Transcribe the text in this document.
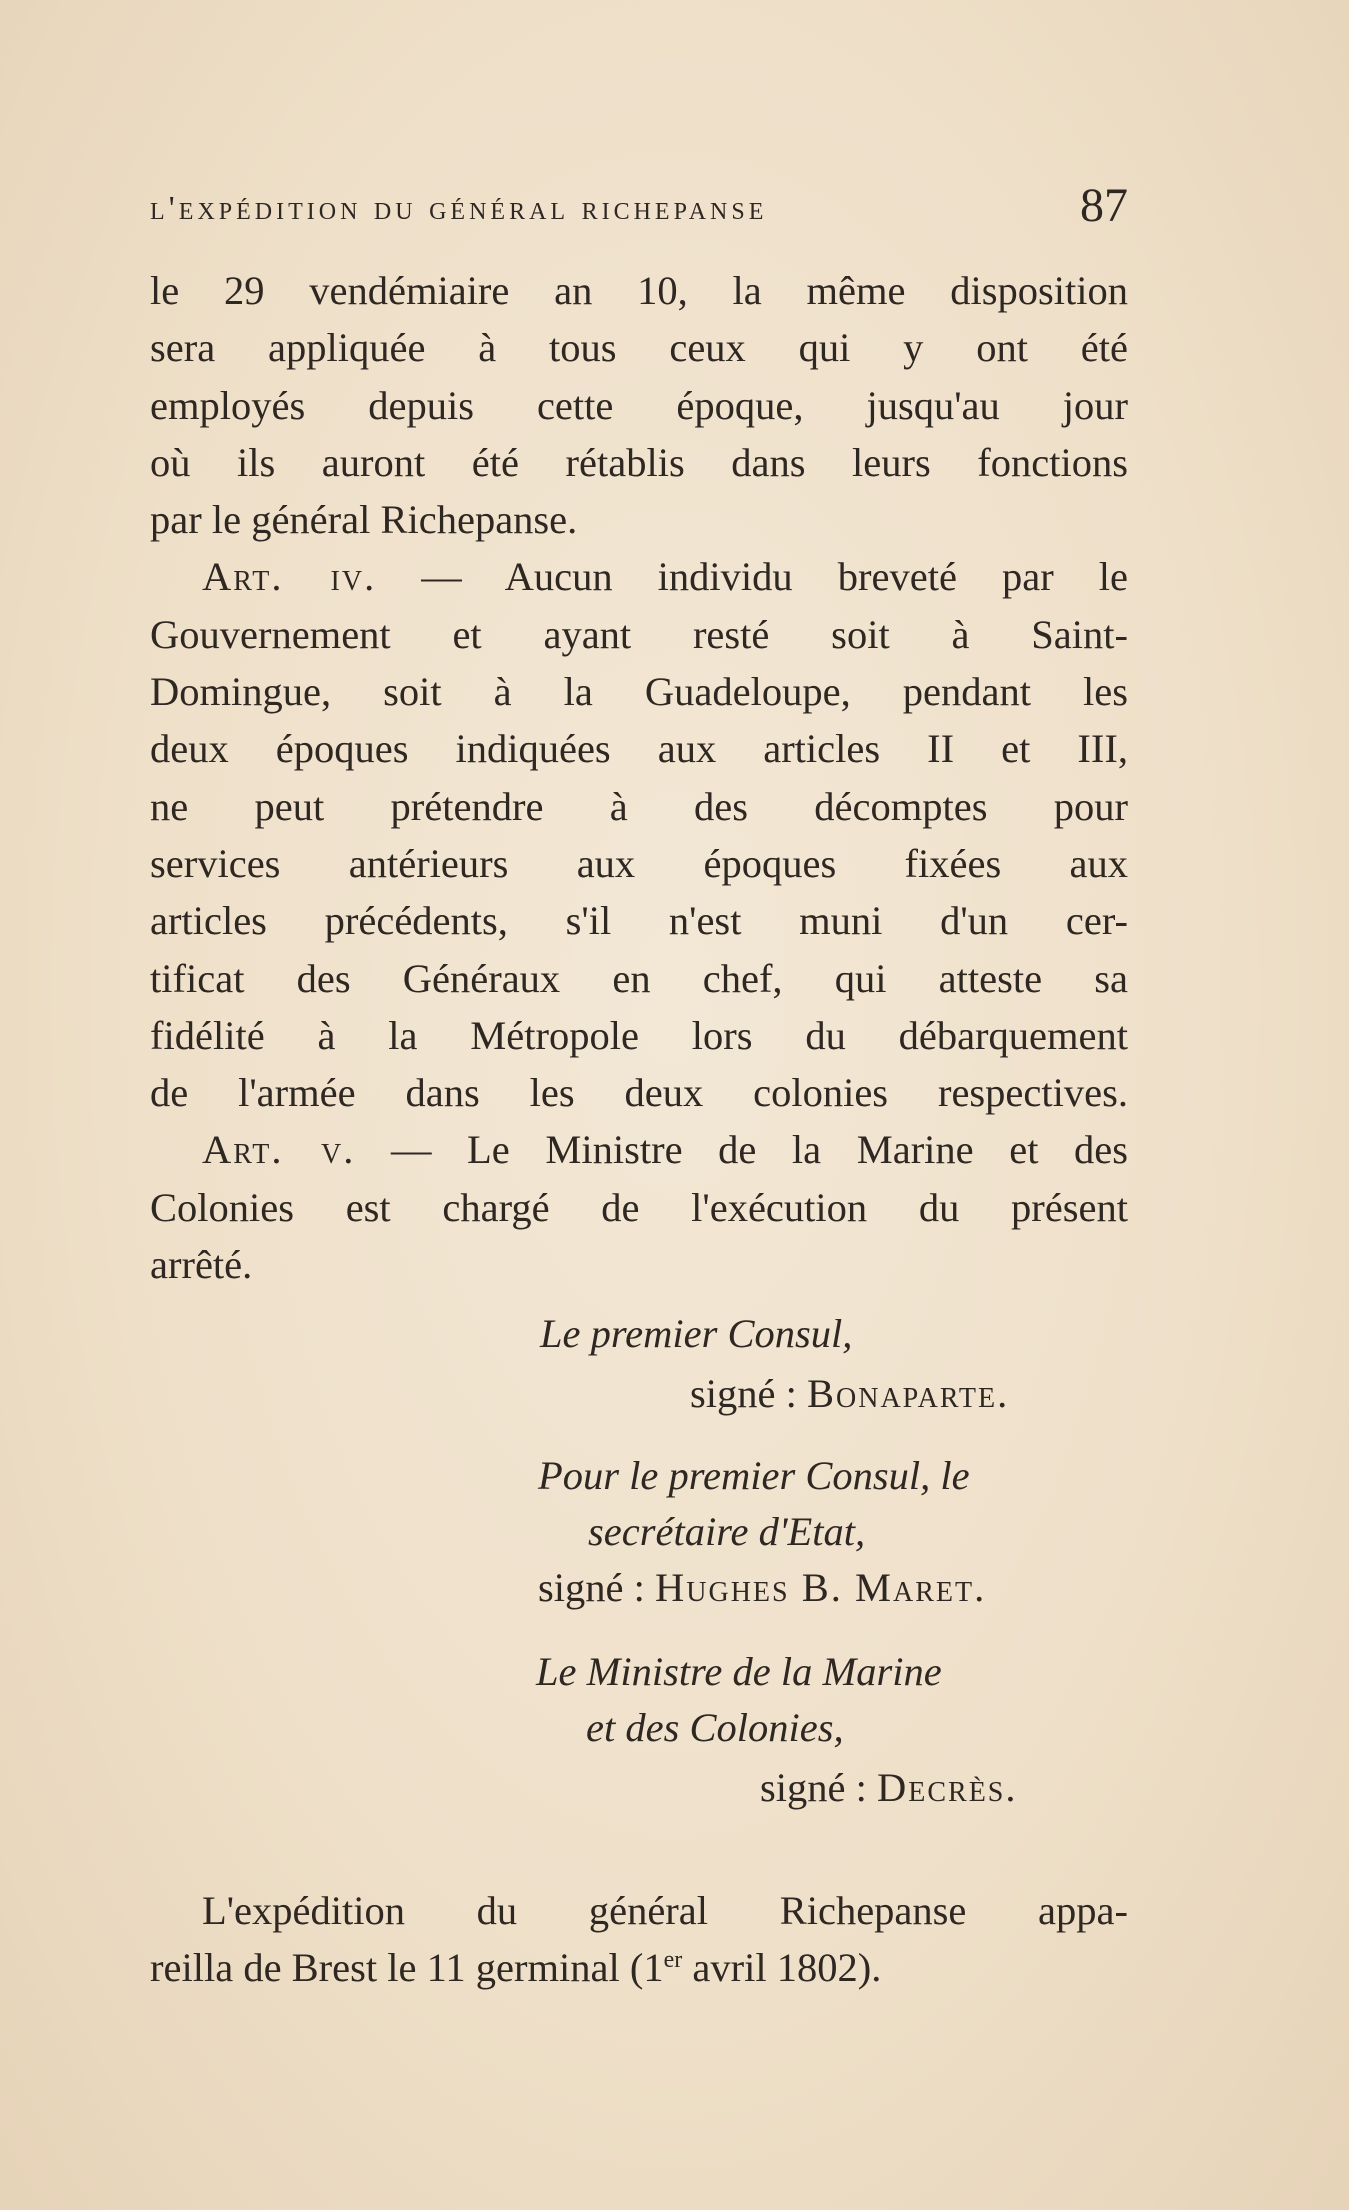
l'expédition du général richepanse	87
le 29 vendémiaire an 10, la même disposition
sera appliquée à tous ceux qui y ont été
employés depuis cette époque, jusqu'au jour
où ils auront été rétablis dans leurs fonctions
par le général Richepanse.
Art. iv. — Aucun individu breveté par le
Gouvernement et ayant resté soit à Saint-
Domingue, soit à la Guadeloupe, pendant les
deux époques indiquées aux articles II et III,
ne peut prétendre à des décomptes pour
services antérieurs aux époques fixées aux
articles précédents, s'il n'est muni d'un cer-
tificat des Généraux en chef, qui atteste sa
fidélité à la Métropole lors du débarquement
de l'armée dans les deux colonies respectives.
Art. v. — Le Ministre de la Marine et des
Colonies est chargé de l'exécution du présent
arrêté.
Le premier Consul,
signé : Bonaparte.
Pour le premier Consul, le
secrétaire d'Etat,
signé : Hughes B. Maret.
Le Ministre de la Marine
et des Colonies,
signé : Decrès.
L'expédition du général Richepanse appa-
reilla de Brest le 11 germinal (1er avril 1802).
